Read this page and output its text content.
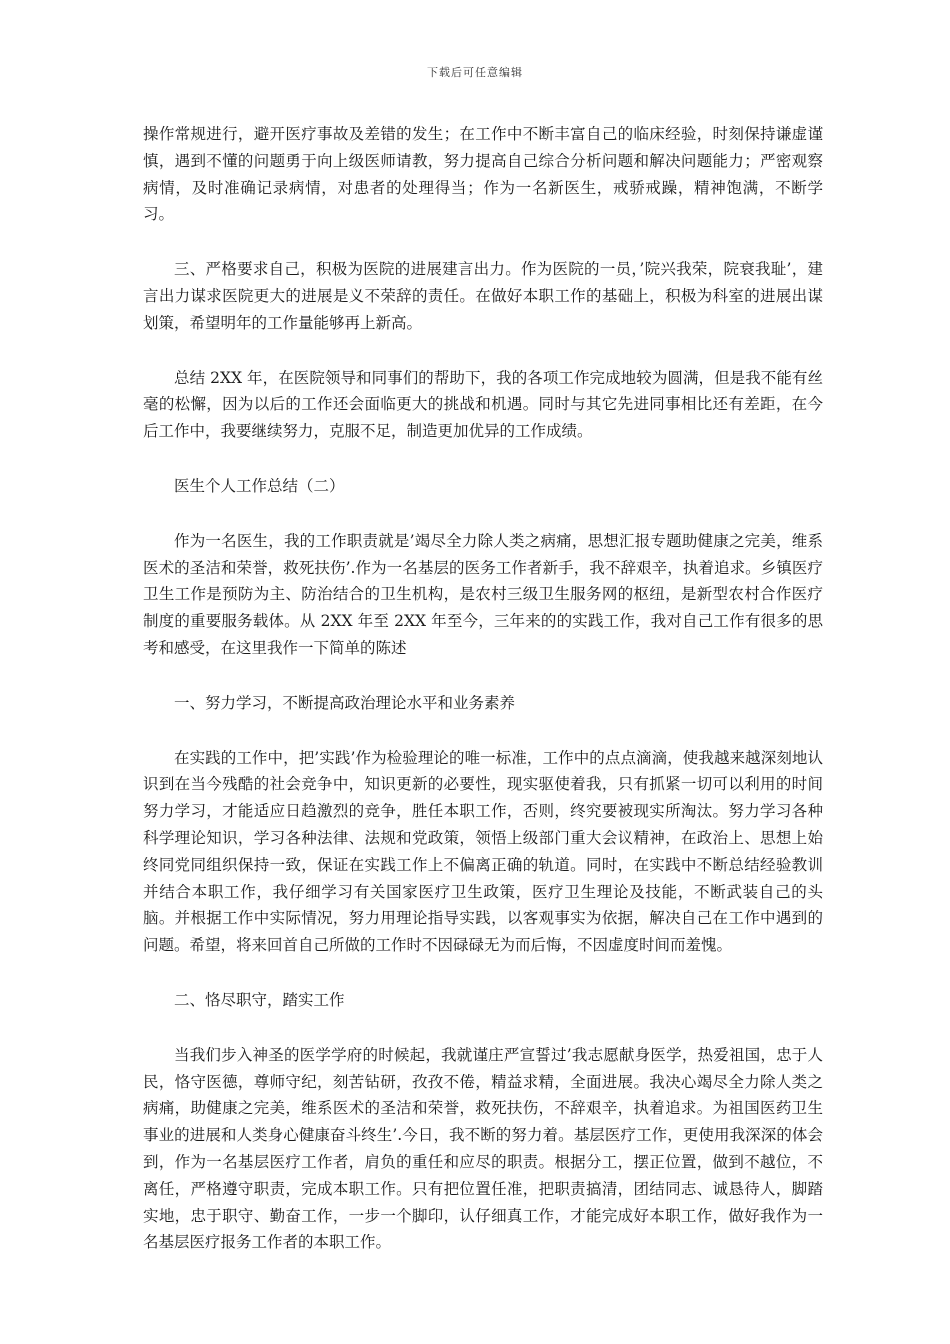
下载后可任意编辑

操作常规进行，避开医疗事故及差错的发生；在工作中不断丰富自己的临床经验，时刻保持谦虚谨慎，遇到不懂的问题勇于向上级医师请教，努力提高自己综合分析问题和解决问题能力；严密观察病情，及时准确记录病情，对患者的处理得当；作为一名新医生，戒骄戒躁，精神饱满，不断学习。

三、严格要求自己，积极为医院的进展建言出力。作为医院的一员，’院兴我荣，院衰我耻’，建言出力谋求医院更大的进展是义不荣辞的责任。在做好本职工作的基础上，积极为科室的进展出谋划策，希望明年的工作量能够再上新高。

总结 2XX 年，在医院领导和同事们的帮助下，我的各项工作完成地较为圆满，但是我不能有丝毫的松懈，因为以后的工作还会面临更大的挑战和机遇。同时与其它先进同事相比还有差距，在今后工作中，我要继续努力，克服不足，制造更加优异的工作成绩。

医生个人工作总结（二）

作为一名医生，我的工作职责就是’竭尽全力除人类之病痛，思想汇报专题助健康之完美，维系医术的圣洁和荣誉，救死扶伤’.作为一名基层的医务工作者新手，我不辞艰辛，执着追求。乡镇医疗卫生工作是预防为主、防治结合的卫生机构，是农村三级卫生服务网的枢纽，是新型农村合作医疗制度的重要服务载体。从 2XX 年至 2XX 年至今，三年来的的实践工作，我对自己工作有很多的思考和感受，在这里我作一下简单的陈述

一、努力学习，不断提高政治理论水平和业务素养

在实践的工作中，把’实践’作为检验理论的唯一标准，工作中的点点滴滴，使我越来越深刻地认识到在当今残酷的社会竞争中，知识更新的必要性，现实驱使着我，只有抓紧一切可以利用的时间努力学习，才能适应日趋激烈的竞争，胜任本职工作，否则，终究要被现实所淘汰。努力学习各种科学理论知识，学习各种法律、法规和党政策，领悟上级部门重大会议精神，在政治上、思想上始终同党同组织保持一致，保证在实践工作上不偏离正确的轨道。同时，在实践中不断总结经验教训并结合本职工作，我仔细学习有关国家医疗卫生政策，医疗卫生理论及技能，不断武装自己的头脑。并根据工作中实际情况，努力用理论指导实践，以客观事实为依据，解决自己在工作中遇到的问题。希望，将来回首自己所做的工作时不因碌碌无为而后悔，不因虚度时间而羞愧。

二、恪尽职守，踏实工作

当我们步入神圣的医学学府的时候起，我就谨庄严宣誓过’我志愿献身医学，热爱祖国，忠于人民，恪守医德，尊师守纪，刻苦钻研，孜孜不倦，精益求精，全面进展。我决心竭尽全力除人类之病痛，助健康之完美，维系医术的圣洁和荣誉，救死扶伤，不辞艰辛，执着追求。为祖国医药卫生事业的进展和人类身心健康奋斗终生’.今日，我不断的努力着。基层医疗工作，更使用我深深的体会到，作为一名基层医疗工作者，肩负的重任和应尽的职责。根据分工，摆正位置，做到不越位，不离任，严格遵守职责，完成本职工作。只有把位置任准，把职责搞清，团结同志、诚恳待人，脚踏实地，忠于职守、勤奋工作，一步一个脚印，认仔细真工作，才能完成好本职工作，做好我作为一名基层医疗报务工作者的本职工作。
